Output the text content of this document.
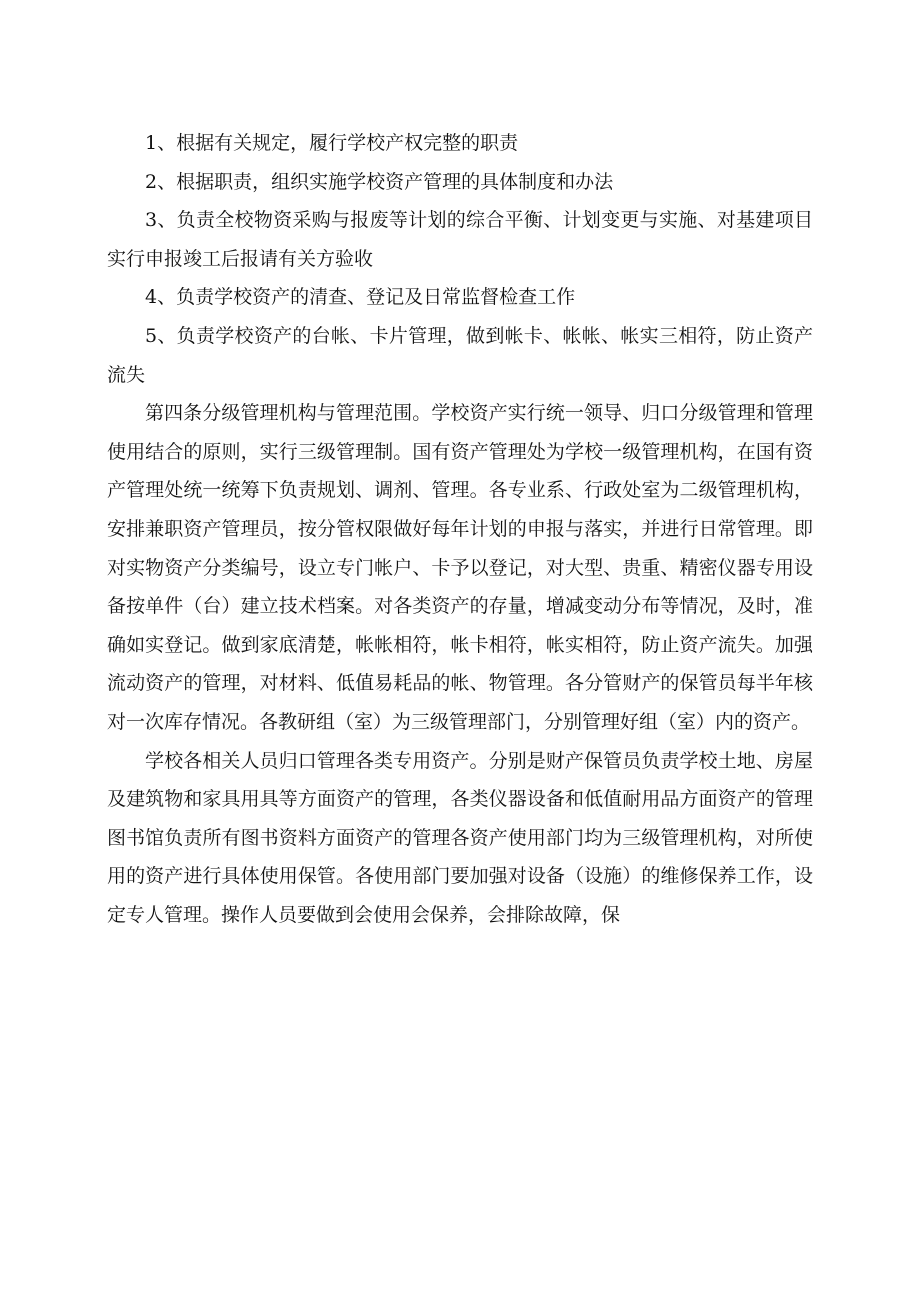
1、根据有关规定，履行学校产权完整的职责

2、根据职责，组织实施学校资产管理的具体制度和办法

3、负责全校物资采购与报废等计划的综合平衡、计划变更与实施、对基建项目实行申报竣工后报请有关方验收

4、负责学校资产的清查、登记及日常监督检查工作

5、负责学校资产的台帐、卡片管理，做到帐卡、帐帐、帐实三相符，防止资产流失

第四条分级管理机构与管理范围。学校资产实行统一领导、归口分级管理和管理使用结合的原则，实行三级管理制。国有资产管理处为学校一级管理机构，在国有资产管理处统一统筹下负责规划、调剂、管理。各专业系、行政处室为二级管理机构，安排兼职资产管理员，按分管权限做好每年计划的申报与落实，并进行日常管理。即对实物资产分类编号，设立专门帐户、卡予以登记，对大型、贵重、精密仪器专用设备按单件（台）建立技术档案。对各类资产的存量，增减变动分布等情况，及时，准确如实登记。做到家底清楚，帐帐相符，帐卡相符，帐实相符，防止资产流失。加强流动资产的管理，对材料、低值易耗品的帐、物管理。各分管财产的保管员每半年核对一次库存情况。各教研组（室）为三级管理部门，分别管理好组（室）内的资产。

学校各相关人员归口管理各类专用资产。分别是财产保管员负责学校土地、房屋及建筑物和家具用具等方面资产的管理，各类仪器设备和低值耐用品方面资产的管理图书馆负责所有图书资料方面资产的管理各资产使用部门均为三级管理机构，对所使用的资产进行具体使用保管。各使用部门要加强对设备（设施）的维修保养工作，设定专人管理。操作人员要做到会使用会保养，会排除故障，保
